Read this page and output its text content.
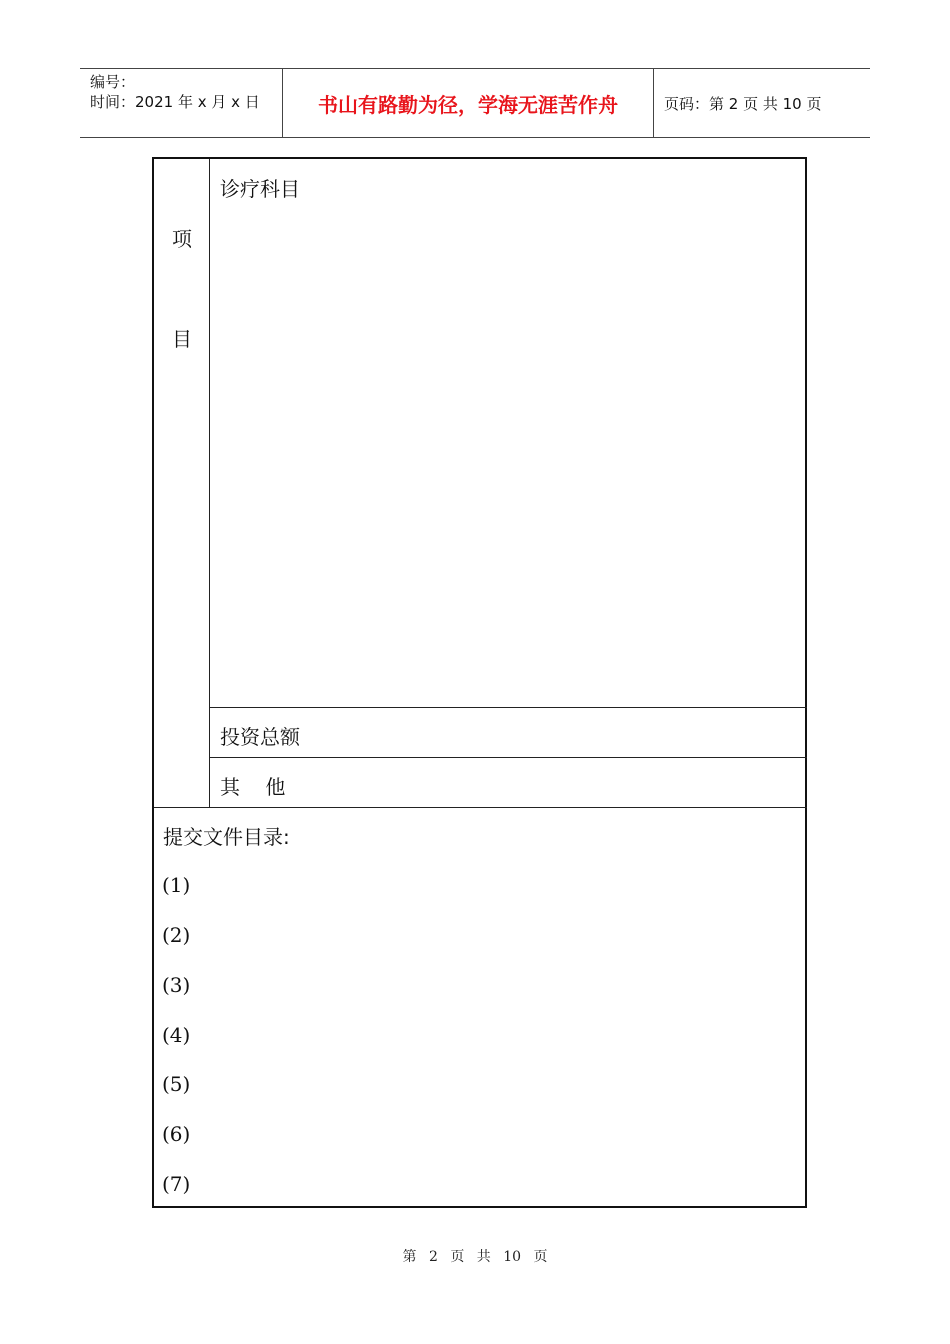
编号：
时间：2021 年 x 月 x 日	书山有路勤为径，学海无涯苦作舟	页码：第 2 页 共 10 页
项
目
诊疗科目
投资总额
其    他
提交文件目录:
(1)
(2)
(3)
(4)
(5)
(6)
(7)
第 2 页 共 10 页
